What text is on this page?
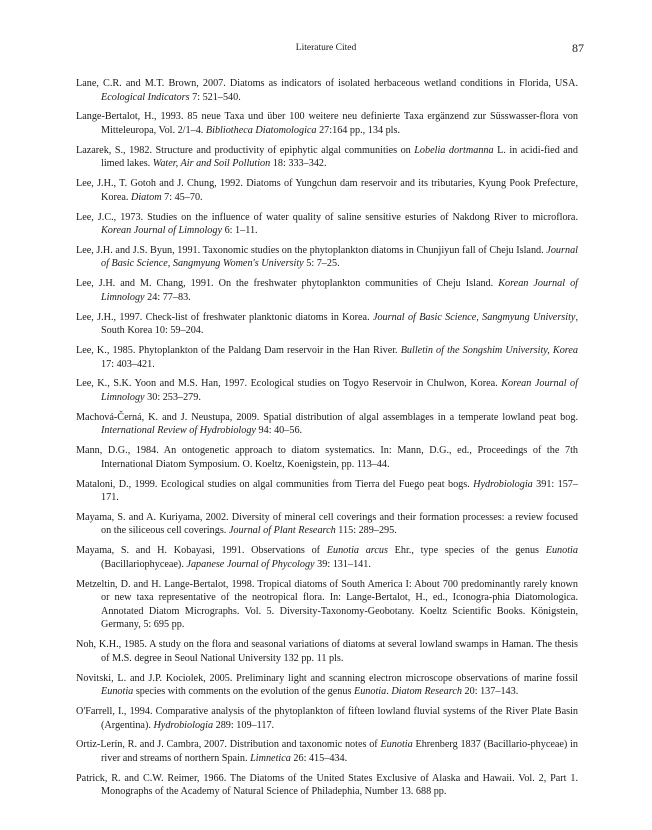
Literature Cited	87

Lane, C.R. and M.T. Brown, 2007. Diatoms as indicators of isolated herbaceous wetland conditions in Florida, USA. Ecological Indicators 7: 521–540.

Lange-Bertalot, H., 1993. 85 neue Taxa und über 100 weitere neu definierte Taxa ergänzend zur Süsswasser-flora von Mitteleuropa, Vol. 2/1–4. Bibliotheca Diatomologica 27:164 pp., 134 pls.

Lazarek, S., 1982. Structure and productivity of epiphytic algal communities on Lobelia dortmanna L. in acidi-fied and limed lakes. Water, Air and Soil Pollution 18: 333–342.

Lee, J.H., T. Gotoh and J. Chung, 1992. Diatoms of Yungchun dam reservoir and its tributaries, Kyung Pook Prefecture, Korea. Diatom 7: 45–70.

Lee, J.C., 1973. Studies on the influence of water quality of saline sensitive esturies of Nakdong River to microflora. Korean Journal of Limnology 6: 1–11.

Lee, J.H. and J.S. Byun, 1991. Taxonomic studies on the phytoplankton diatoms in Chunjiyun fall of Cheju Island. Journal of Basic Science, Sangmyung Women's University 5: 7–25.

Lee, J.H. and M. Chang, 1991. On the freshwater phytoplankton communities of Cheju Island. Korean Journal of Limnology 24: 77–83.

Lee, J.H., 1997. Check-list of freshwater planktonic diatoms in Korea. Journal of Basic Science, Sangmyung University, South Korea 10: 59–204.

Lee, K., 1985. Phytoplankton of the Paldang Dam reservoir in the Han River. Bulletin of the Songshim University, Korea 17: 403–421.

Lee, K., S.K. Yoon and M.S. Han, 1997. Ecological studies on Togyo Reservoir in Chulwon, Korea. Korean Journal of Limnology 30: 253–279.

Machová-Černá, K. and J. Neustupa, 2009. Spatial distribution of algal assemblages in a temperate lowland peat bog. International Review of Hydrobiology 94: 40–56.

Mann, D.G., 1984. An ontogenetic approach to diatom systematics. In: Mann, D.G., ed., Proceedings of the 7th International Diatom Symposium. O. Koeltz, Koenigstein, pp. 113–44.

Mataloni, D., 1999. Ecological studies on algal communities from Tierra del Fuego peat bogs. Hydrobiologia 391: 157–171.

Mayama, S. and A. Kuriyama, 2002. Diversity of mineral cell coverings and their formation processes: a review focused on the siliceous cell coverings. Journal of Plant Research 115: 289–295.

Mayama, S. and H. Kobayasi, 1991. Observations of Eunotia arcus Ehr., type species of the genus Eunotia (Bacillariophyceae). Japanese Journal of Phycology 39: 131–141.

Metzeltin, D. and H. Lange-Bertalot, 1998. Tropical diatoms of South America I: About 700 predominantly rarely known or new taxa representative of the neotropical flora. In: Lange-Bertalot, H., ed., Iconogra-phia Diatomologica. Annotated Diatom Micrographs. Vol. 5. Diversity-Taxonomy-Geobotany. Koeltz Scientific Books. Königstein, Germany, 5: 695 pp.

Noh, K.H., 1985. A study on the flora and seasonal variations of diatoms at several lowland swamps in Haman. The thesis of M.S. degree in Seoul National University 132 pp. 11 pls.

Novitski, L. and J.P. Kociolek, 2005. Preliminary light and scanning electron microscope observations of marine fossil Eunotia species with comments on the evolution of the genus Eunotia. Diatom Research 20: 137–143.

O'Farrell, I., 1994. Comparative analysis of the phytoplankton of fifteen lowland fluvial systems of the River Plate Basin (Argentina). Hydrobiologia 289: 109–117.

Ortiz-Lerín, R. and J. Cambra, 2007. Distribution and taxonomic notes of Eunotia Ehrenberg 1837 (Bacillario-phyceae) in river and streams of northern Spain. Limnetica 26: 415–434.

Patrick, R. and C.W. Reimer, 1966. The Diatoms of the United States Exclusive of Alaska and Hawaii. Vol. 2, Part 1. Monographs of the Academy of Natural Science of Philadephia, Number 13. 688 pp.
